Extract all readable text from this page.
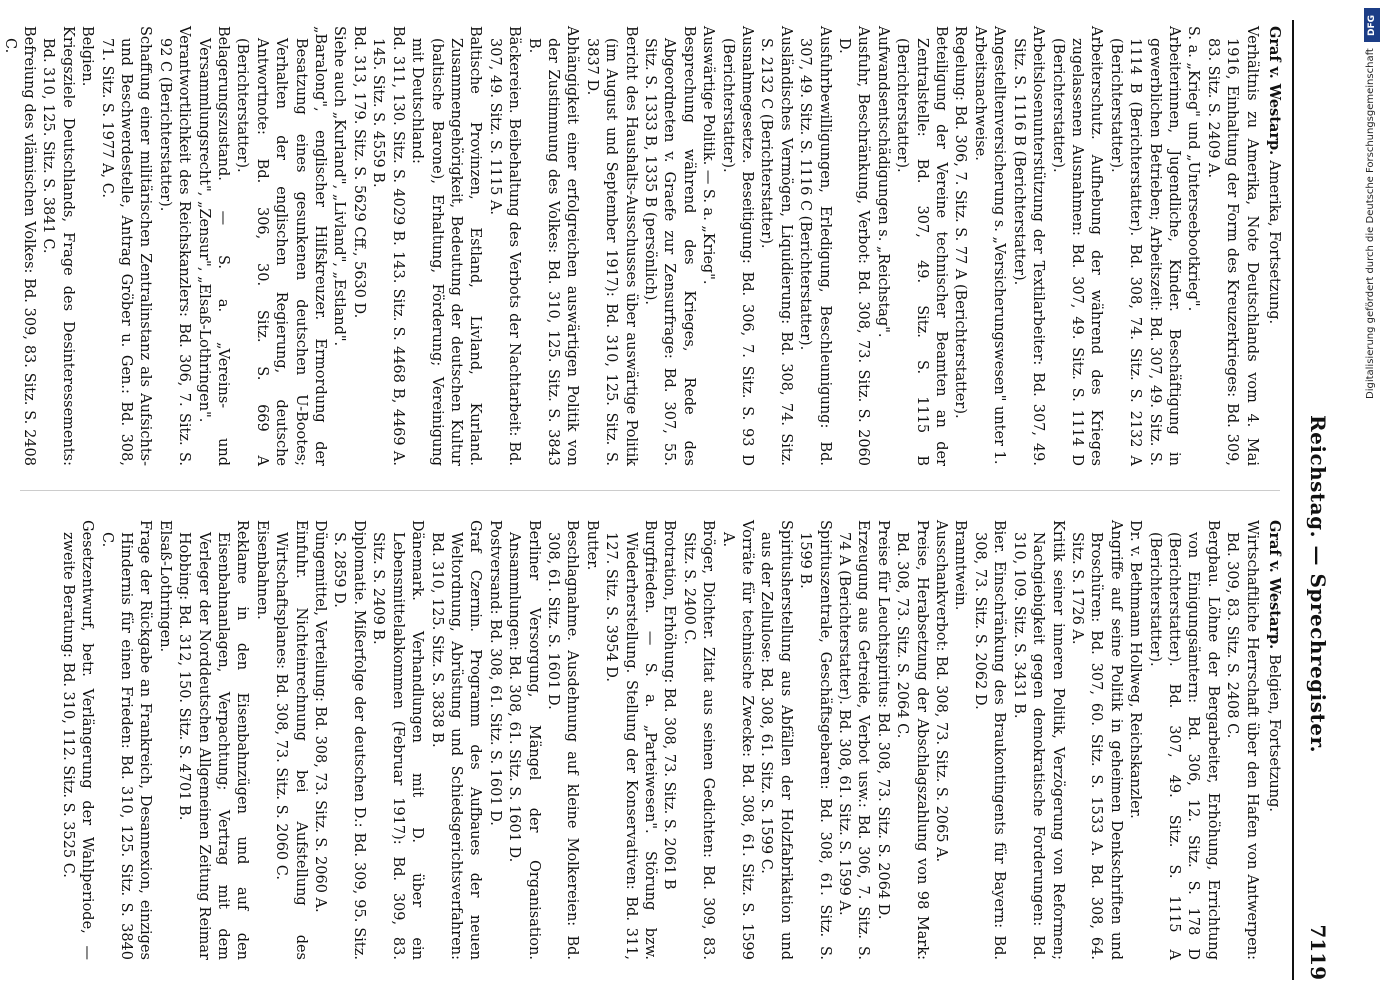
Reichstag. — Sprechregister.
7119
Graf v. Westarp. Amerika, Fortsetzung.

Verhältnis zu Amerika, Note Deutschlands vom 4. Mai 1916, Einhaltung der Form des Kreuzerkrieges: Bd. 309, 83. Sitz. S. 2409 A.

S. a. „Krieg" und „Unterseebootkrieg".

Arbeiterinnen, Jugendliche, Kinder. Beschäftigung in gewerblichen Betrieben; Arbeitszeit: Bd. 307, 49. Sitz. S. 1114 B (Berichterstatter). Bd. 308, 74. Sitz. S. 2132 A (Berichterstatter).

Arbeiterschutz. Aufhebung der während des Krieges zugelassenen Ausnahmen: Bd. 307, 49. Sitz. S. 1114 D (Berichterstatter).

Arbeitslosenunterstützung der Textilarbeiter: Bd. 307, 49. Sitz. S. 1116 B (Berichterstatter).

Angestelltenversicherung s. „Versicherungswesen" unter 1.

Arbeitsnachweise.

Regelung: Bd. 306, 7. Sitz. S. 77 A (Berichterstatter).

Beteiligung der Vereine technischer Beamten an der Zentralstelle: Bd. 307, 49. Sitz. S. 1115 B (Berichterstatter).

Aufwandsentschädigungen s. „Reichstag".

Ausfuhr, Beschränkung, Verbot: Bd. 308, 73. Sitz. S. 2060 D.

Ausfuhrbewilligungen, Erledigung, Beschleunigung: Bd. 307, 49. Sitz. S. 1116 C (Berichterstatter).

Ausländisches Vermögen, Liquidierung: Bd. 308, 74. Sitz. S. 2132 C (Berichterstatter).

Ausnahmegesetze. Beseitigung: Bd. 306, 7. Sitz. S. 93 D (Berichterstatter).

Auswärtige Politik. — S. a. „Krieg".

Besprechung während des Krieges, Rede des Abgeordneten v. Graefe zur Zensurfrage: Bd. 307, 55. Sitz. S. 1333 B, 1335 B (persönlich).

Bericht des Haushalts-Ausschusses über auswärtige Politik (im August und September 1917): Bd. 310, 125. Sitz. S. 3837 D.

Abhängigkeit einer erfolgreichen auswärtigen Politik von der Zustimmung des Volkes: Bd. 310, 125. Sitz. S. 3843 B.

Bäckereien. Beibehaltung des Verbots der Nachtarbeit: Bd. 307, 49. Sitz. S. 1115 A.

Baltische Provinzen, Estland, Livland, Kurland. Zusammengehörigkeit, Bedeutung der deutschen Kultur (baltische Barone), Erhaltung, Förderung; Vereinigung mit Deutschland:

Bd. 311, 130. Sitz. S. 4029 B. 143. Sitz. S. 4468 B, 4469 A. 145. Sitz. S. 4559 B.

Bd. 313, 179. Sitz. S. 5629 Cff., 5630 D.

Siehe auch „Kurland", „Livland", „Estland".

„Baralong", englischer Hilfskreuzer. Ermordung der Besatzung eines gesunkenen deutschen U-Bootes; Verhalten der englischen Regierung, deutsche Antwortnote: Bd. 306, 30. Sitz. S. 669 A (Berichterstatter).

Belagerungszustand. — S. a. „Vereins- und Versammlungsrecht", „Zensur", „Elsaß-Lothringen".

Verantwortlichkeit des Reichskanzlers: Bd. 306, 7. Sitz. S. 92 C (Berichterstatter).

Schaffung einer militärischen Zentralinstanz als Aufsichts- und Beschwerdestelle, Antrag Gröber u. Gen.: Bd. 308, 71. Sitz. S. 1977 A, C.

Belgien.

Kriegsziele Deutschlands, Frage des Desinteressements: Bd. 310, 125. Sitz. S. 3841 C.

Befreiung des vlämischen Volkes: Bd. 309, 83. Sitz. S. 2408 C.

Graf v. Westarp. Belgien, Fortsetzung.

Wirtschaftliche Herrschaft über den Hafen von Antwerpen: Bd. 309, 83. Sitz. S. 2408 C.

Bergbau. Löhne der Bergarbeiter, Erhöhung, Errichtung von Einigungsämtern: Bd. 306, 12. Sitz. S. 178 D (Berichterstatter). Bd. 307, 49. Sitz. S. 1115 A (Berichterstatter).

Dr. v. Bethmann Hollweg, Reichskanzler.

Angriffe auf seine Politik in geheimen Denkschriften und Broschüren: Bd. 307, 60. Sitz. S. 1533 A. Bd. 308, 64. Sitz. S. 1726 A.

Kritik seiner inneren Politik, Verzögerung von Reformen; Nachgiebigkeit gegen demokratische Forderungen: Bd. 310, 109. Sitz. S. 3431 B.

Bier. Einschränkung des Braukontingents für Bayern: Bd. 308, 73. Sitz. S. 2062 D.

Branntwein.

Ausschankverbot: Bd. 308, 73. Sitz. S. 2065 A.

Preise, Herabsetzung der Abschlagszahlung von 98 Mark: Bd. 308, 73. Sitz. S. 2064 C.

Preise für Leuchtspiritus: Bd. 308, 73. Sitz. S. 2064 D.

Erzeugung aus Getreide, Verbot usw.: Bd. 306, 7. Sitz. S. 74 A (Berichterstatter). Bd. 308, 61. Sitz. S. 1599 A.

Spirituszentrale, Geschäftsgebaren: Bd. 308, 61. Sitz. S. 1599 B.

Spiritusherstellung aus Abfällen der Holzfabrikation und aus der Zellulose: Bd. 308, 61. Sitz. S. 1599 C.

Vorräte für technische Zwecke: Bd. 308, 61. Sitz. S. 1599 A.

Bröger, Dichter. Zitat aus seinen Gedichten: Bd. 309, 83. Sitz. S. 2400 C.

Brotration, Erhöhung: Bd. 308, 73. Sitz. S. 2061 B

Burgfrieden. — S. a. „Parteiwesen". Störung bzw. Wiederherstellung. Stellung der Konservativen: Bd. 311, 127. Sitz. S. 3954 D.

Butter.

Beschlagnahme. Ausdehnung auf kleine Molkereien: Bd. 308, 61. Sitz. S. 1601 D.

Berliner Versorgung, Mängel der Organisation. Ansammlungen: Bd. 308, 61. Sitz. S. 1601 D.

Postversand: Bd. 308, 61. Sitz. S. 1601 D.

Graf Czernin. Programm des Aufbaues der neuen Weltordnung, Abrüstung und Schiedsgerichtsverfahren: Bd. 310, 125. Sitz. S. 3838 B.

Dänemark. Verhandlungen mit D. über ein Lebensmittelabkommen (Februar 1917): Bd. 309, 83. Sitz. S. 2409 B.

Diplomatie. Mißerfolge der deutschen D.: Bd. 309, 95. Sitz. S. 2859 D.

Düngemittel, Verteilung: Bd. 308, 73. Sitz. S. 2060 A.

Einfuhr. Nichteinrechnung bei Aufstellung des Wirtschaftsplanes: Bd. 308, 73. Sitz. S. 2060 C.

Eisenbahnen.

Reklame in den Eisenbahnzügen und auf den Eisenbahnanlagen, Verpachtung; Vertrag mit dem Verleger der Norddeutschen Allgemeinen Zeitung Reimar Hobbing: Bd. 312, 150. Sitz. S. 4701 B.

Elsaß-Lothringen.

Frage der Rückgabe an Frankreich, Desannexion, einziges Hindernis für einen Frieden: Bd. 310, 125. Sitz. S. 3840 C.

Gesetzentwurf, betr. Verlängerung der Wahlperiode, — zweite Beratung: Bd. 310, 112. Sitz. S. 3525 C.

DFG
Digitalisierung gefördert durch die Deutsche Forschungsgemeinschaft
